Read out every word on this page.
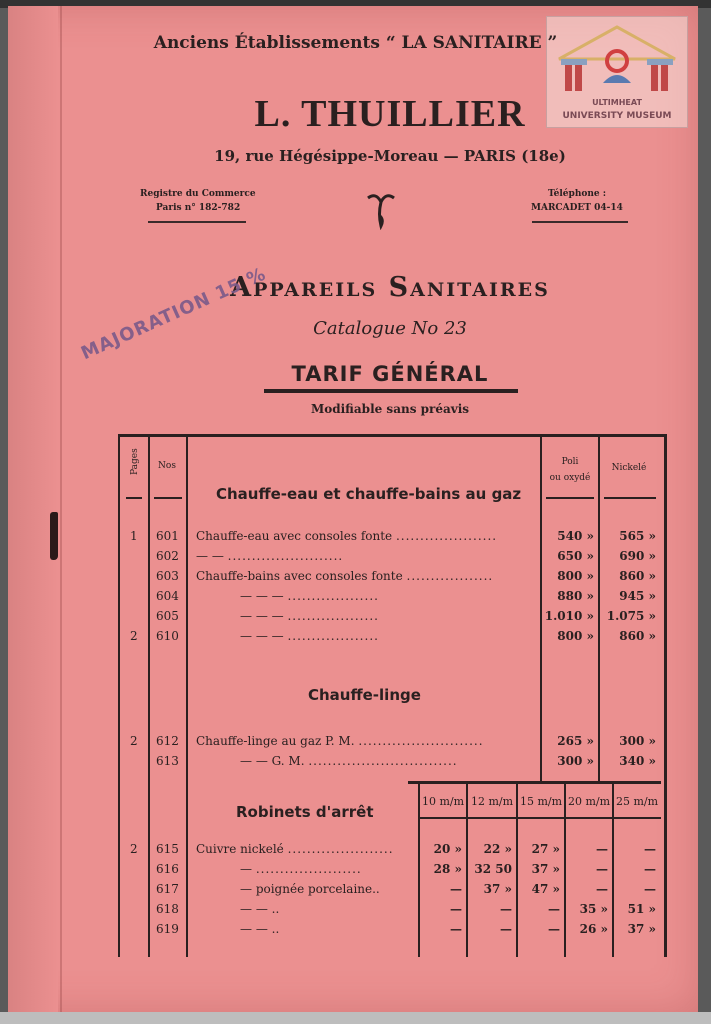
ULTIMHEAT
UNIVERSITY MUSEUM
Anciens Établissements “ LA SANITAIRE ”
L. THUILLIER
19, rue Hégésippe-Moreau — PARIS (18e)
Registre du Commerce
Paris n° 182-782
Téléphone :
MARCADET 04-14
Appareils Sanitaires
Catalogue No 23
TARIF GÉNÉRAL
Modifiable sans préavis
MAJORATION 15 %
Pages	Nos	Poli
ou oxydé
Nickelé
Chauffe-eau et chauffe-bains au gaz
1 601 Chauffe-eau avec consoles fonte .....................	540 »	565 »
602 — — ........................	650 »	690 »
603 Chauffe-bains avec consoles fonte ..................	800 »	860 »
604	— — — ...................	880 »	945 »
605	— — — ...................	1.010 »	1.075 »
2 610	— — — ...................	800 »	860 »
Chauffe-linge
2 612 Chauffe-linge au gaz P. M. ..........................	265 »	300 »
613	— — G. M. ...............................	300 »	340 »
Robinets d'arrêt
10 m/m 12 m/m 15 m/m 20 m/m 25 m/m
2 615 Cuivre nickelé ......................	20 »	22 »	27 »	—	—
616	— ......................	28 »	32 50	37 »	—	—
617	— poignée porcelaine..	—	37 »	47 »	—	—
618	— — ..	—	—	—	35 »	51 »
619	— — ..	—	—	—	26 »	37 »
